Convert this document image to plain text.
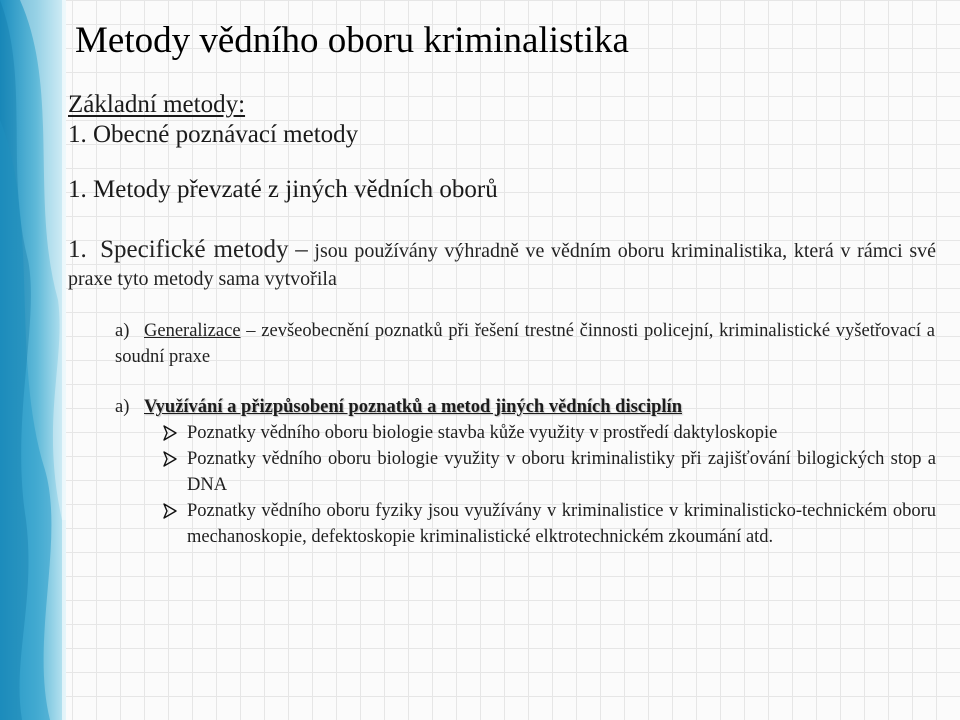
Metody vědního oboru kriminalistika
Základní metody:
1. Obecné poznávací metody
1. Metody převzaté z jiných vědních oborů
1. Specifické metody – jsou používány výhradně ve vědním oboru kriminalistika, která v rámci své praxe tyto metody sama vytvořila
a) Generalizace – zevšeobecnění poznatků při řešení trestné činnosti policejní, kriminalistické vyšetřovací a soudní praxe
a) Využívání a přizpůsobení poznatků a metod jiných vědních disciplín
Poznatky vědního oboru biologie stavba kůže využity v prostředí daktyloskopie
Poznatky vědního oboru biologie využity v oboru kriminalistiky při zajišťování bilogických stop a DNA
Poznatky vědního oboru fyziky jsou využívány v kriminalistice v kriminalisticko-technickém oboru mechanoskopie, defektoskopie kriminalistické elktrotechnickém zkoumání atd.
